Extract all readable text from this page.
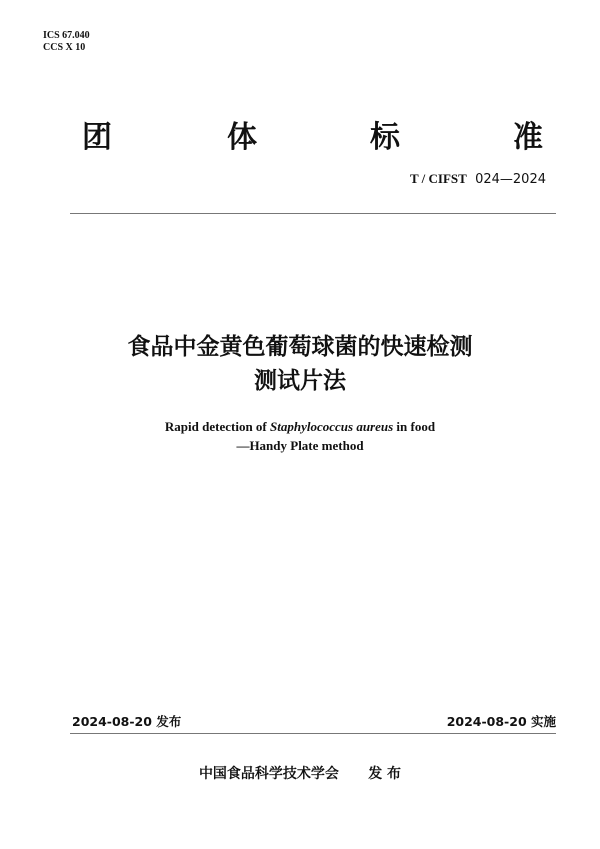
ICS 67.040
CCS X 10
团	体	标	准
T / CIFST 024—2024
食品中金黄色葡萄球菌的快速检测
测试片法
Rapid detection of Staphylococcus aureus in food
—Handy Plate method
2024-08-20 发布	2024-08-20 实施
中国食品科学技术学会 发 布
